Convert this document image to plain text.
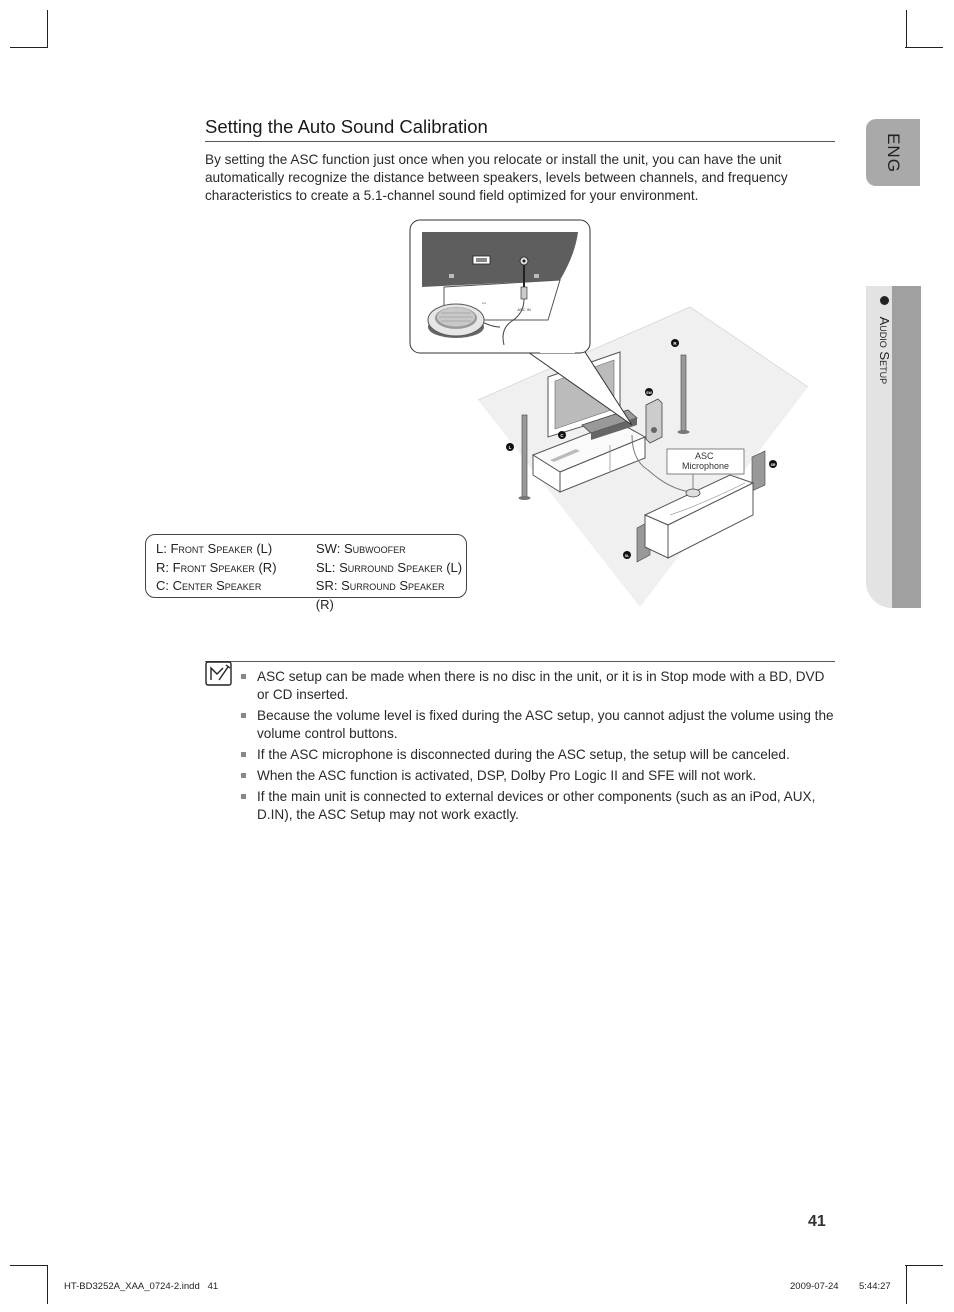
ENG
Audio Setup
Setting the Auto Sound Calibration
By setting the ASC function just once when you relocate or install the unit, you can have the unit automatically recognize the distance between speakers, levels between channels, and frequency characteristics to create a 5.1-channel sound field optimized for your environment.
ASC Microphone
L
R
C
SW
SL
SR
ASC IN
⇔
L: Front Speaker (L)	SW: Subwoofer
R: Front Speaker (R)	SL: Surround Speaker (L)
C: Center Speaker	SR: Surround Speaker (R)
ASC setup can be made when there is no disc in the unit, or it is in Stop mode with a BD, DVD or CD inserted.
Because the volume level is fixed during the ASC setup, you cannot adjust the volume using the volume control buttons.
If the ASC microphone is disconnected during the ASC setup, the setup will be canceled.
When the ASC function is activated, DSP, Dolby Pro Logic II and SFE will not work.
If the main unit is connected to external devices or other components (such as an iPod, AUX, D.IN), the ASC Setup may not work exactly.
41
HT-BD3252A_XAA_0724-2.indd   41	2009-07-24 5:44:27
